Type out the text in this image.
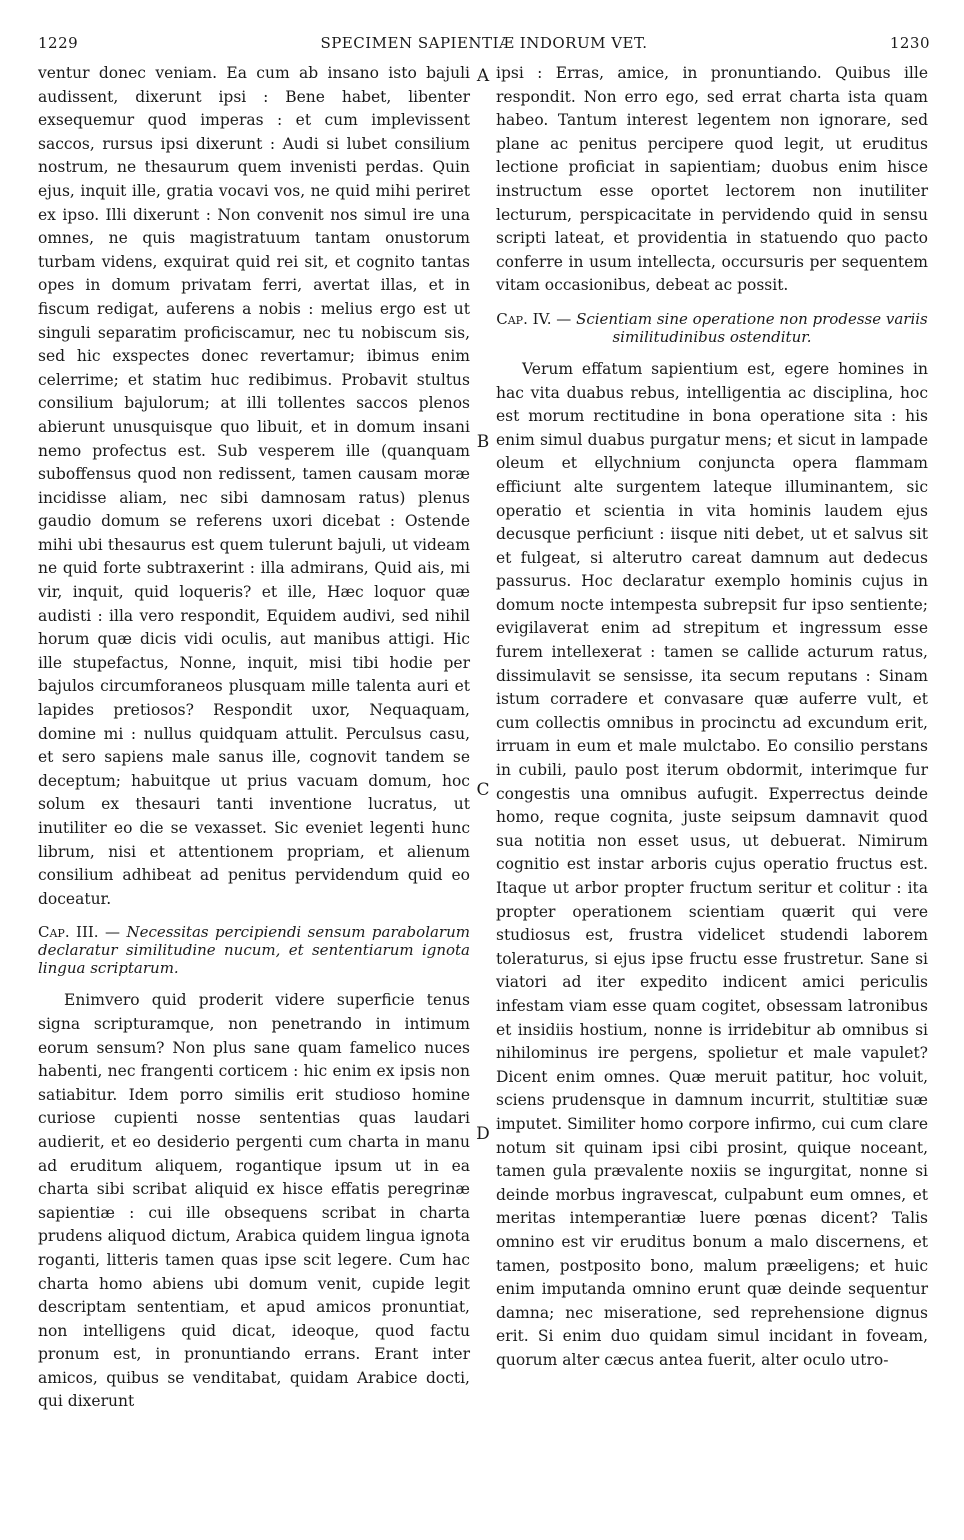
1229	SPECIMEN SAPIENTIÆ INDORUM VET.	1230

ventur donec veniam. Ea cum ab insano isto bajuli audissent, dixerunt ipsi : Bene habet, libenter exsequemur quod imperas : et cum implevissent saccos, rursus ipsi dixerunt : Audi si lubet consilium nostrum, ne thesaurum quem invenisti perdas. Quin ejus, inquit ille, gratia vocavi vos, ne quid mihi periret ex ipso. Illi dixerunt : Non convenit nos simul ire una omnes, ne quis magistratuum tantam onustorum turbam videns, exquirat quid rei sit, et cognito tantas opes in domum privatam ferri, avertat illas, et in fiscum redigat, auferens a nobis : melius ergo est ut singuli separatim proficiscamur, nec tu nobiscum sis, sed hic exspectes donec revertamur; ibimus enim celerrime; et statim huc redibimus. Probavit stultus consilium bajulorum; at illi tollentes saccos plenos abierunt unusquisque quo libuit, et in domum insani nemo profectus est. Sub vesperem ille (quanquam suboffensus quod non redissent, tamen causam moræ incidisse aliam, nec sibi damnosam ratus) plenus gaudio domum se referens uxori dicebat : Ostende mihi ubi thesaurus est quem tulerunt bajuli, ut videam ne quid forte subtraxerint : illa admirans, Quid ais, mi vir, inquit, quid loqueris? et ille, Hæc loquor quæ audisti : illa vero respondit, Equidem audivi, sed nihil horum quæ dicis vidi oculis, aut manibus attigi. Hic ille stupefactus, Nonne, inquit, misi tibi hodie per bajulos circumforaneos plusquam mille talenta auri et lapides pretiosos? Respondit uxor, Nequaquam, domine mi : nullus quidquam attulit. Perculsus casu, et sero sapiens male sanus ille, cognovit tandem se deceptum; habuitque ut prius vacuam domum, hoc solum ex thesauri tanti inventione lucratus, ut inutiliter eo die se vexasset. Sic eveniet legenti hunc librum, nisi et attentionem propriam, et alienum consilium adhibeat ad penitus pervidendum quid eo doceatur.

Cap. III. — Necessitas percipiendi sensum parabolarum declaratur similitudine nucum, et sententiarum ignota lingua scriptarum.

Enimvero quid proderit videre superficie tenus signa scripturamque, non penetrando in intimum eorum sensum? Non plus sane quam famelico nuces habenti, nec frangenti corticem : hic enim ex ipsis non satiabitur. Idem porro similis erit studioso homine curiose cupienti nosse sententias quas laudari audierit, et eo desiderio pergenti cum charta in manu ad eruditum aliquem, rogantique ipsum ut in ea charta sibi scribat aliquid ex hisce effatis peregrinæ sapientiæ : cui ille obsequens scribat in charta prudens aliquod dictum, Arabica quidem lingua ignota roganti, litteris tamen quas ipse scit legere. Cum hac charta homo abiens ubi domum venit, cupide legit descriptam sententiam, et apud amicos pronuntiat, non intelligens quid dicat, ideoque, quod factu pronum est, in pronuntiando errans. Erant inter amicos, quibus se venditabat, quidam Arabice docti, qui dixerunt

A
B
C
D

ipsi : Erras, amice, in pronuntiando. Quibus ille respondit. Non erro ego, sed errat charta ista quam habeo. Tantum interest legentem non ignorare, sed plane ac penitus percipere quod legit, ut eruditus lectione proficiat in sapientiam; duobus enim hisce instructum esse oportet lectorem non inutiliter lecturum, perspicacitate in pervidendo quid in sensu scripti lateat, et providentia in statuendo quo pacto conferre in usum intellecta, occursuris per sequentem vitam occasionibus, debeat ac possit.

Cap. IV. — Scientiam sine operatione non prodesse variis similitudinibus ostenditur.

Verum effatum sapientium est, egere homines in hac vita duabus rebus, intelligentia ac disciplina, hoc est morum rectitudine in bona operatione sita : his enim simul duabus purgatur mens; et sicut in lampade oleum et ellychnium conjuncta opera flammam efficiunt alte surgentem lateque illuminantem, sic operatio et scientia in vita hominis laudem ejus decusque perficiunt : iisque niti debet, ut et salvus sit et fulgeat, si alterutro careat damnum aut dedecus passurus. Hoc declaratur exemplo hominis cujus in domum nocte intempesta subrepsit fur ipso sentiente; evigilaverat enim ad strepitum et ingressum esse furem intellexerat : tamen se callide acturum ratus, dissimulavit se sensisse, ita secum reputans : Sinam istum corradere et convasare quæ auferre vult, et cum collectis omnibus in procinctu ad excundum erit, irruam in eum et male mulctabo. Eo consilio perstans in cubili, paulo post iterum obdormit, interimque fur congestis una omnibus aufugit. Experrectus deinde homo, reque cognita, juste seipsum damnavit quod sua notitia non esset usus, ut debuerat. Nimirum cognitio est instar arboris cujus operatio fructus est. Itaque ut arbor propter fructum seritur et colitur : ita propter operationem scientiam quærit qui vere studiosus est, frustra videlicet studendi laborem toleraturus, si ejus ipse fructu esse frustretur. Sane si viatori ad iter expedito indicent amici periculis infestam viam esse quam cogitet, obsessam latronibus et insidiis hostium, nonne is irridebitur ab omnibus si nihilominus ire pergens, spolietur et male vapulet? Dicent enim omnes. Quæ meruit patitur, hoc voluit, sciens prudensque in damnum incurrit, stultitiæ suæ imputet. Similiter homo corpore infirmo, cui cum clare notum sit quinam ipsi cibi prosint, quique noceant, tamen gula prævalente noxiis se ingurgitat, nonne si deinde morbus ingravescat, culpabunt eum omnes, et meritas intemperantiæ luere pœnas dicent? Talis omnino est vir eruditus bonum a malo discernens, et tamen, postposito bono, malum præeligens; et huic enim imputanda omnino erunt quæ deinde sequentur damna; nec miseratione, sed reprehensione dignus erit. Si enim duo quidam simul incidant in foveam, quorum alter cæcus antea fuerit, alter oculo utro-
